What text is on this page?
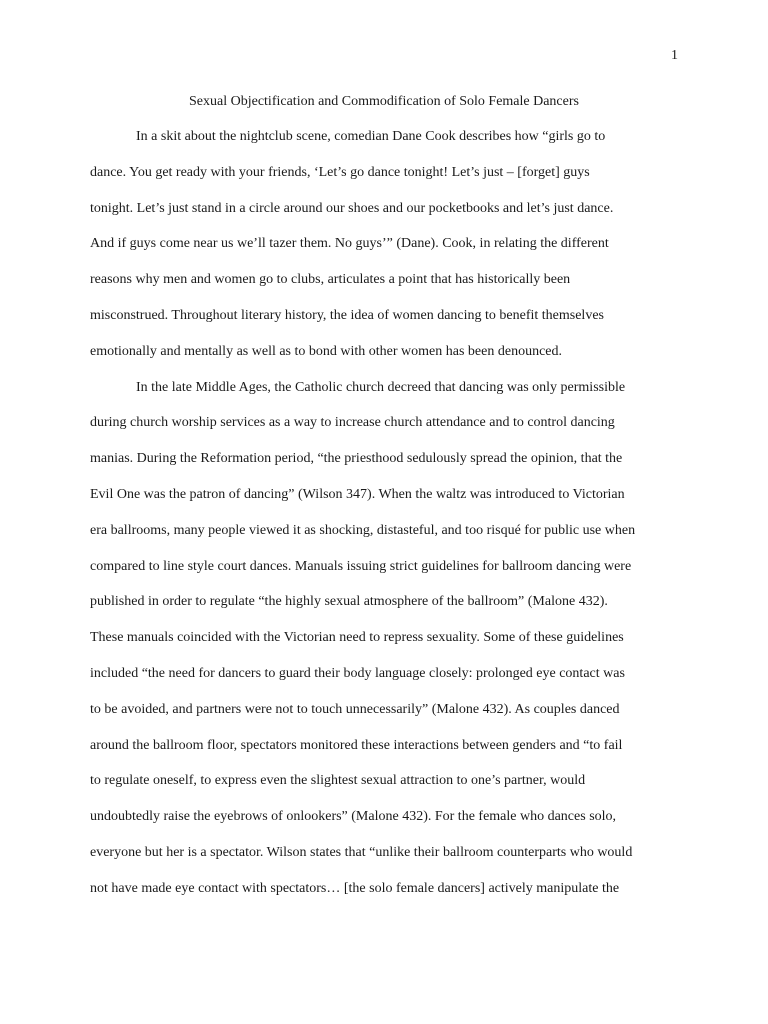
1
Sexual Objectification and Commodification of Solo Female Dancers
In a skit about the nightclub scene, comedian Dane Cook describes how “girls go to
dance. You get ready with your friends, ‘Let’s go dance tonight! Let’s just – [forget] guys
tonight. Let’s just stand in a circle around our shoes and our pocketbooks and let’s just dance.
And if guys come near us we’ll tazer them. No guys’” (Dane). Cook, in relating the different
reasons why men and women go to clubs, articulates a point that has historically been
misconstrued. Throughout literary history, the idea of women dancing to benefit themselves
emotionally and mentally as well as to bond with other women has been denounced.
In the late Middle Ages, the Catholic church decreed that dancing was only permissible
during church worship services as a way to increase church attendance and to control dancing
manias. During the Reformation period, “the priesthood sedulously spread the opinion, that the
Evil One was the patron of dancing” (Wilson 347). When the waltz was introduced to Victorian
era ballrooms, many people viewed it as shocking, distasteful, and too risqué for public use when
compared to line style court dances. Manuals issuing strict guidelines for ballroom dancing were
published in order to regulate “the highly sexual atmosphere of the ballroom” (Malone 432).
These manuals coincided with the Victorian need to repress sexuality. Some of these guidelines
included “the need for dancers to guard their body language closely: prolonged eye contact was
to be avoided, and partners were not to touch unnecessarily” (Malone 432). As couples danced
around the ballroom floor, spectators monitored these interactions between genders and “to fail
to regulate oneself, to express even the slightest sexual attraction to one’s partner, would
undoubtedly raise the eyebrows of onlookers” (Malone 432). For the female who dances solo,
everyone but her is a spectator. Wilson states that “unlike their ballroom counterparts who would
not have made eye contact with spectators… [the solo female dancers] actively manipulate the
